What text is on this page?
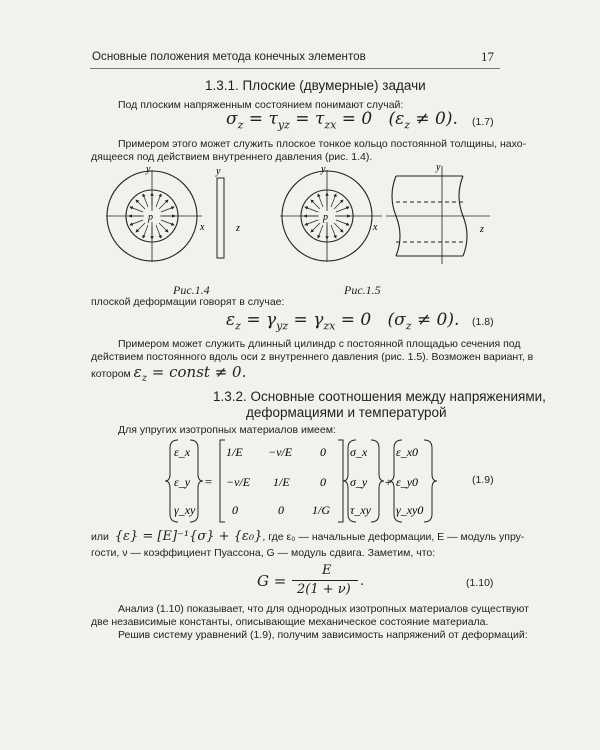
Основные положения метода конечных элементов	17
1.3.1. Плоские (двумерные) задачи
Под плоским напряженным состоянием понимают случай:
$\sigma_z = \tau_{yz} = \tau_{zx} = 0$   $(\varepsilon_z \ne 0)$. (1.7)
Примером этого может служить плоское тонкое кольцо постоянной толщины, нахо-
дящееся под действием внутреннего давления (рис. 1.4).
p
y
x
y
z
p
y
x
y
z
Рис.1.4	Рис.1.5
плоской деформации говорят в случае:
$\varepsilon_z = \gamma_{yz} = \gamma_{zx} = 0$   $(\sigma_z \ne 0)$. (1.8)
Примером может служить длинный цилиндр с постоянной площадью сечения под
действием постоянного вдоль оси z внутреннего давления (рис. 1.5). Возможен вариант, в
котором $\varepsilon_z$ = const ≠ 0.
1.3.2. Основные соотношения между напряжениями,
деформациями и температурой
Для упругих изотропных материалов имеем:
=	+
ε_x
ε_y
γ_xy
1/E −ν/E 0
−ν/E 1/E	0
0	0 1/G
σ_x
σ_y
τ_xy
ε_x0
ε_y0
γ_xy0
(1.9)
или {ε} = [E]⁻¹{σ} + {ε₀}, где ε₀ — начальные деформации, E — модуль упру-
гости, ν — коэффициент Пуассона, G — модуль сдвига. Заметим, что:
G =
E
2(1 + ν)
.	(1.10)
Анализ (1.10) показывает, что для однородных изотропных материалов существуют
две независимые константы, описывающие механическое состояние материала.
Решив систему уравнений (1.9), получим зависимость напряжений от деформаций:
